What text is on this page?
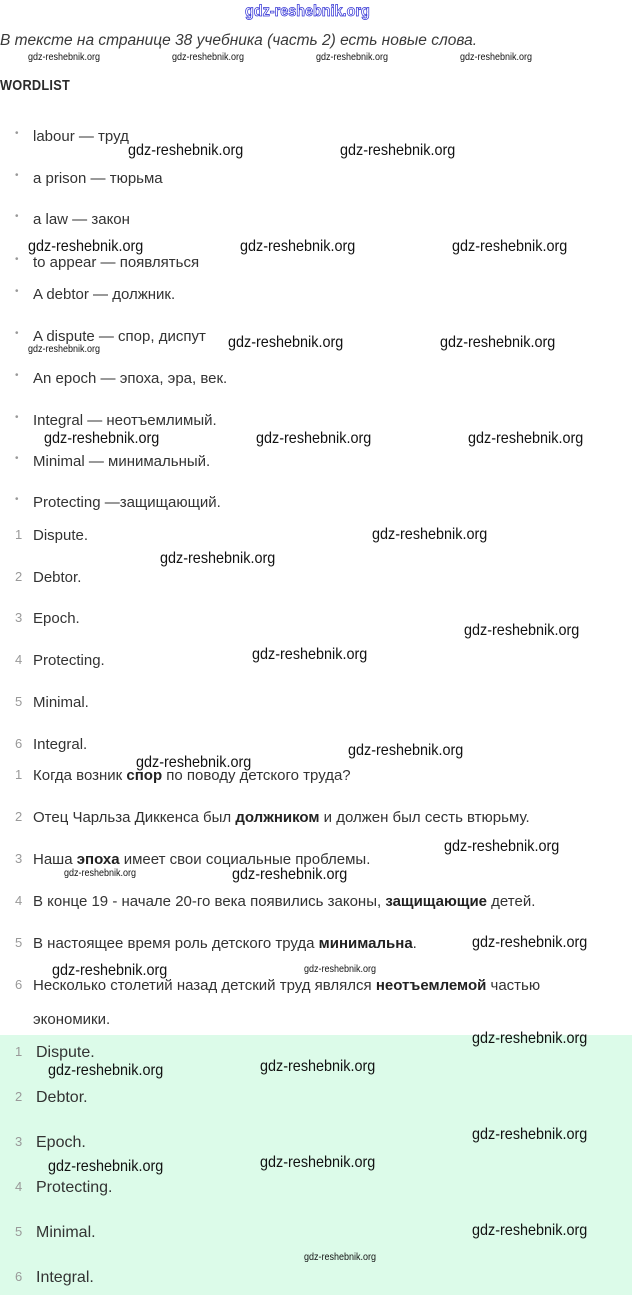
В тексте на странице 38 учебника (часть 2) есть новые слова.
WORDLIST
• labour — труд
• a prison — тюрьма
• a law — закон
• to appear — появляться
• A debtor — должник.
• A dispute — спор, диспут
• An epoch — эпоха, эра, век.
• Integral — неотъемлимый.
• Minimal — минимальный.
• Protecting —защищающий.
1 Dispute.
2 Debtor.
3 Epoch.
4 Protecting.
5 Minimal.
6 Integral.
1 Когда возник спор по поводу детского труда?
2 Отец Чарльза Диккенса был должником и должен был сесть втюрьму.
3 Наша эпоха имеет свои социальные проблемы.
4 В конце 19 - начале 20-го века появились законы, защищающие детей.
5 В настоящее время роль детского труда минимальна.
6 Несколько столетий назад детский труд являлся неотъемлемой частью
экономики.
1 Dispute.
2 Debtor.
3 Epoch.
4 Protecting.
5 Minimal.
6 Integral.
gdz-reshebnik.org
gdz-reshebnik.org	gdz-reshebnik.org
gdz-reshebnik.org	gdz-reshebnik.org	gdz-reshebnik.org
gdz-reshebnik.org	gdz-reshebnik.org
gdz-reshebnik.org	gdz-reshebnik.org	gdz-reshebnik.org
gdz-reshebnik.org
gdz-reshebnik.org
gdz-reshebnik.org
gdz-reshebnik.org
gdz-reshebnik.org
gdz-reshebnik.org
gdz-reshebnik.org
gdz-reshebnik.org
gdz-reshebnik.org
gdz-reshebnik.org
gdz-reshebnik.org
gdz-reshebnik.org	gdz-reshebnik.org
gdz-reshebnik.org
gdz-reshebnik.org	gdz-reshebnik.org
gdz-reshebnik.org
gdz-reshebnik.org	gdz-reshebnik.org	gdz-reshebnik.org	gdz-reshebnik.org
gdz-reshebnik.org
gdz-reshebnik.org
gdz-reshebnik.org
gdz-reshebnik.org
